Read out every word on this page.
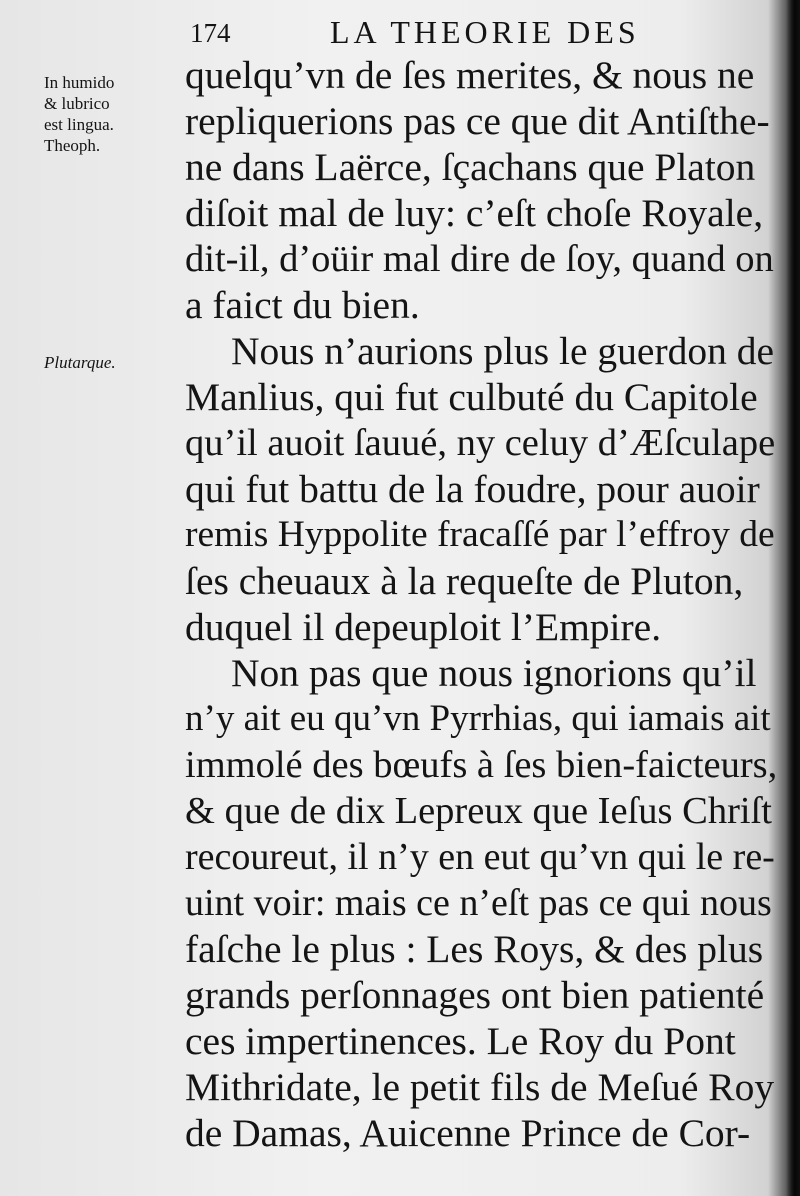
174	LA THEORIE DES
In humido
& lubrico
est lingua.
Theoph.
Plutarque.
quelqu’vn de ſes merites, & nous ne
repliquerions pas ce que dit Antiſthe-
ne dans Laërce, ſçachans que Platon
diſoit mal de luy: c’eſt choſe Royale,
dit-il, d’oüir mal dire de ſoy, quand on
a faict du bien.
Nous n’aurions plus le guerdon de
Manlius, qui fut culbuté du Capitole
qu’il auoit ſauué, ny celuy d’Æſculape
qui fut battu de la foudre, pour auoir
remis Hyppolite fracaſſé par l’effroy de
ſes cheuaux à la requeſte de Pluton,
duquel il depeuploit l’Empire.
Non pas que nous ignorions qu’il
n’y ait eu qu’vn Pyrrhias, qui iamais ait
immolé des bœufs à ſes bien-faicteurs,
& que de dix Lepreux que Ieſus Chriſt
recoureut, il n’y en eut qu’vn qui le re-
uint voir: mais ce n’eſt pas ce qui nous
faſche le plus : Les Roys, & des plus
grands perſonnages ont bien patienté
ces impertinences. Le Roy du Pont
Mithridate, le petit fils de Meſué Roy
de Damas, Auicenne Prince de Cor-
